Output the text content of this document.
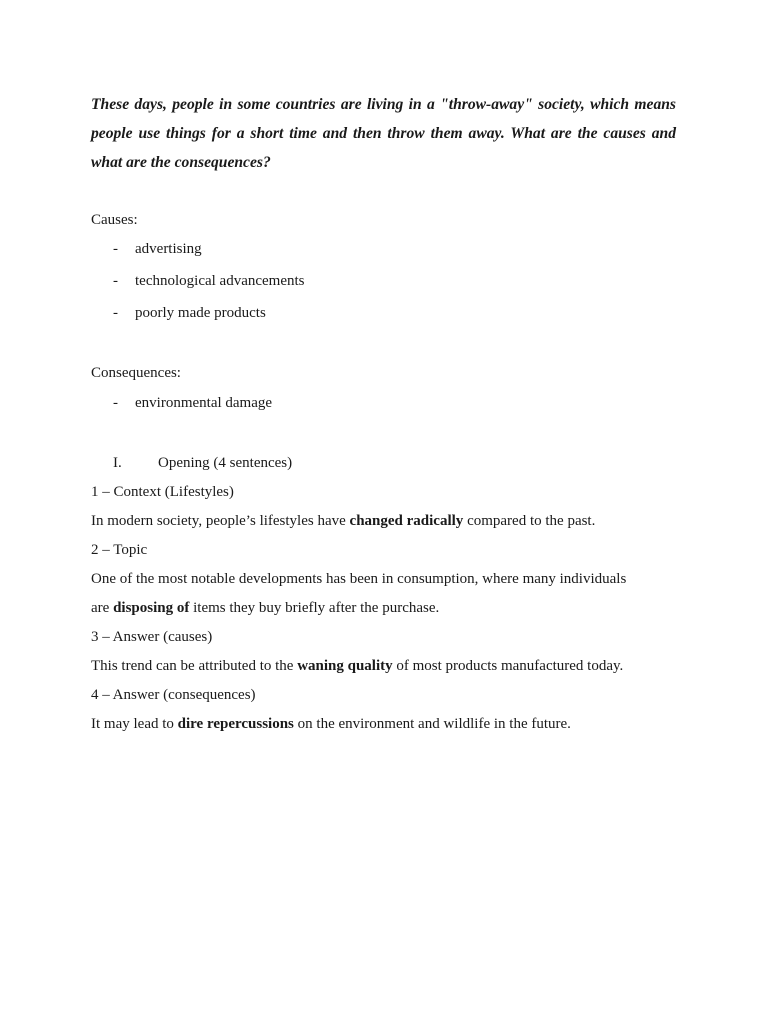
These days, people in some countries are living in a "throw-away" society, which means people use things for a short time and then throw them away. What are the causes and what are the consequences?

Causes:

- advertising
- technological advancements
- poorly made products

Consequences:

- environmental damage
I. Opening (4 sentences)

1 – Context (Lifestyles)

In modern society, people’s lifestyles have changed radically compared to the past.

2 – Topic

One of the most notable developments has been in consumption, where many individuals

are disposing of items they buy briefly after the purchase.

3 – Answer (causes)

This trend can be attributed to the waning quality of most products manufactured today.

4 – Answer (consequences)

It may lead to dire repercussions on the environment and wildlife in the future.
